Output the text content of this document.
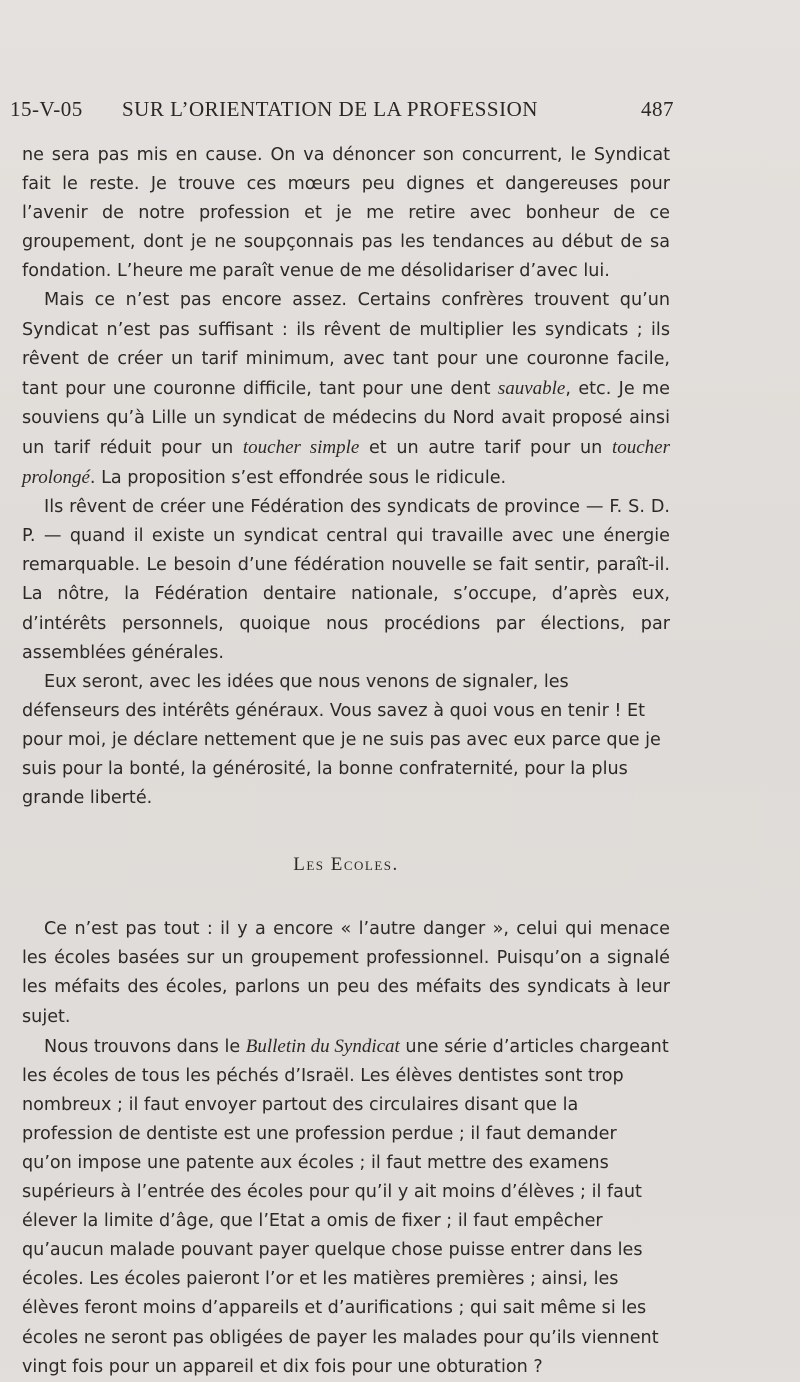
15-V-05 SUR L’ORIENTATION DE LA PROFESSION	487

ne sera pas mis en cause. On va dénoncer son concurrent, le Syndicat fait le reste. Je trouve ces mœurs peu dignes et dangereuses pour l’avenir de notre profession et je me retire avec bonheur de ce groupement, dont je ne soupçonnais pas les tendances au début de sa fondation. L’heure me paraît venue de me désolidariser d’avec lui.

Mais ce n’est pas encore assez. Certains confrères trouvent qu’un Syndicat n’est pas suffisant : ils rêvent de multiplier les syndicats ; ils rêvent de créer un tarif minimum, avec tant pour une couronne facile, tant pour une couronne difficile, tant pour une dent sauvable, etc. Je me souviens qu’à Lille un syndicat de médecins du Nord avait proposé ainsi un tarif réduit pour un toucher simple et un autre tarif pour un toucher prolongé. La proposition s’est effondrée sous le ridicule.

Ils rêvent de créer une Fédération des syndicats de province — F. S. D. P. — quand il existe un syndicat central qui travaille avec une énergie remarquable. Le besoin d’une fédération nouvelle se fait sentir, paraît-il. La nôtre, la Fédération dentaire nationale, s’occupe, d’après eux, d’intérêts personnels, quoique nous procédions par élections, par assemblées générales.

Eux seront, avec les idées que nous venons de signaler, les défenseurs des intérêts généraux. Vous savez à quoi vous en tenir ! Et pour moi, je déclare nettement que je ne suis pas avec eux parce que je suis pour la bonté, la générosité, la bonne confraternité, pour la plus grande liberté.

Les Ecoles.

Ce n’est pas tout : il y a encore « l’autre danger », celui qui menace les écoles basées sur un groupement professionnel. Puisqu’on a signalé les méfaits des écoles, parlons un peu des méfaits des syndicats à leur sujet.

Nous trouvons dans le Bulletin du Syndicat une série d’articles chargeant les écoles de tous les péchés d’Israël. Les élèves dentistes sont trop nombreux ; il faut envoyer partout des circulaires disant que la profession de dentiste est une profession perdue ; il faut demander qu’on impose une patente aux écoles ; il faut mettre des examens supérieurs à l’entrée des écoles pour qu’il y ait moins d’élèves ; il faut élever la limite d’âge, que l’Etat a omis de fixer ; il faut empêcher qu’aucun malade pouvant payer quelque chose puisse entrer dans les écoles. Les écoles paieront l’or et les matières premières ; ainsi, les élèves feront moins d’appareils et d’aurifications ; qui sait même si les écoles ne seront pas obligées de payer les malades pour qu’ils viennent vingt fois pour un appareil et dix fois pour une obturation ?
